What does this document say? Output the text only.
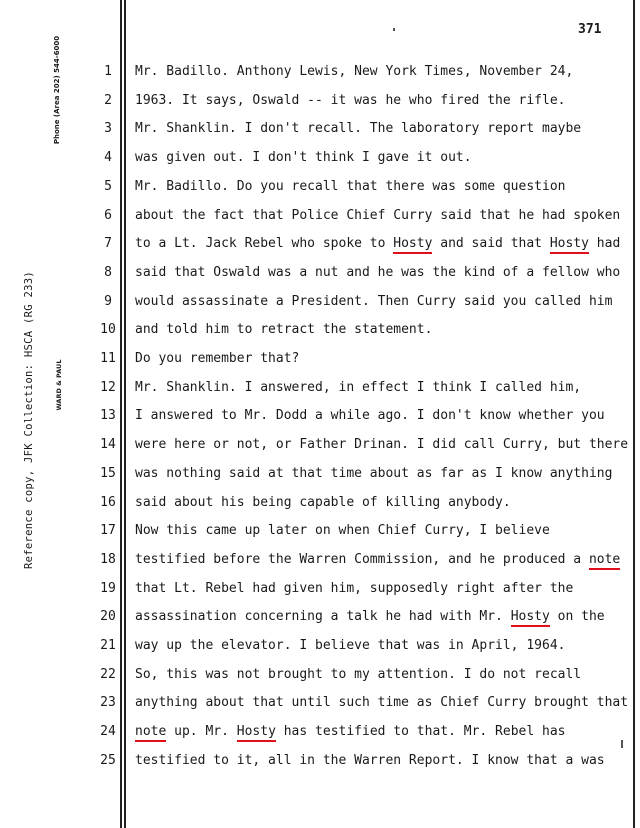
Reference copy, JFK Collection: HSCA (RG 233)
Phone (Area 202) 544-6000
WARD & PAUL
371
1	Mr. Badillo. Anthony Lewis, New York Times, November 24,
2	1963. It says, Oswald -- it was he who fired the rifle.
3	Mr. Shanklin. I don't recall. The laboratory report maybe
4	was given out. I don't think I gave it out.
5	Mr. Badillo. Do you recall that there was some question
6	about the fact that Police Chief Curry said that he had spoken
7	to a Lt. Jack Rebel who spoke to Hosty and said that Hosty had
8	said that Oswald was a nut and he was the kind of a fellow who
9	would assassinate a President. Then Curry said you called him
10	and told him to retract the statement.
11	Do you remember that?
12	Mr. Shanklin. I answered, in effect I think I called him,
13	I answered to Mr. Dodd a while ago. I don't know whether you
14	were here or not, or Father Drinan. I did call Curry, but there
15	was nothing said at that time about as far as I know anything
16	said about his being capable of killing anybody.
17	Now this came up later on when Chief Curry, I believe
18	testified before the Warren Commission, and he produced a note
19	that Lt. Rebel had given him, supposedly right after the
20	assassination concerning a talk he had with Mr. Hosty on the
21	way up the elevator. I believe that was in April, 1964.
22	So, this was not brought to my attention. I do not recall
23	anything about that until such time as Chief Curry brought that
24	note up. Mr. Hosty has testified to that. Mr. Rebel has
25	testified to it, all in the Warren Report. I know that a was
